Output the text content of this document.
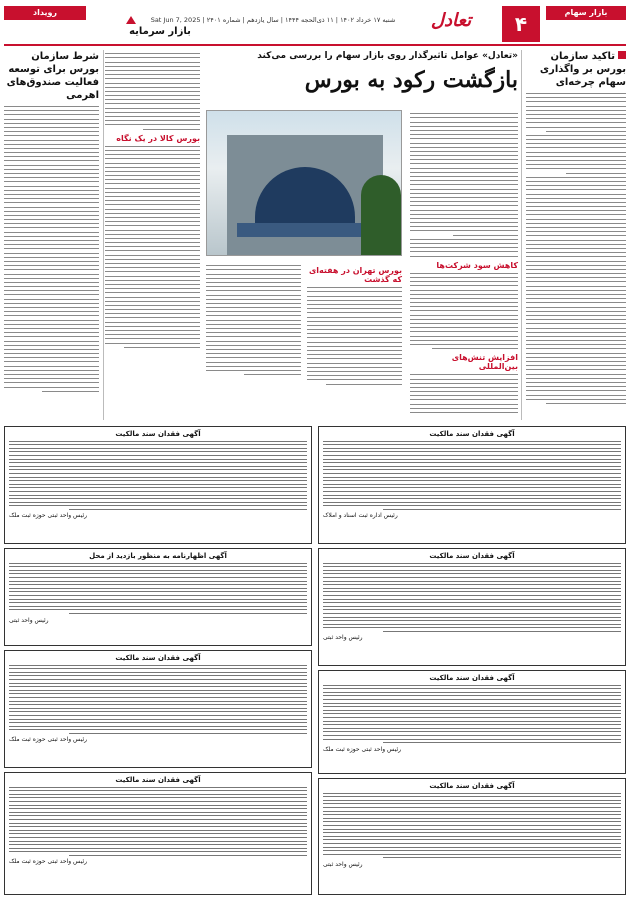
بازار سهام
۴
تعادل
شنبه ۱۷ خرداد ۱۴۰۲ | ۱۱ ذی‌الحجه ۱۴۴۴ | سال یازدهم | شماره ۲۴۰۱ | Sat Jun 7, 2025
رویداد
بازار سرمایه
تاکید سازمان بورس بر واگذاری سهام چرخه‌ای
«تعادل» عوامل تاثیرگذار روی بازار سهام را بررسی می‌کند
بازگشت رکود به بورس
کاهش سود شرکت‌ها
افزایش تنش‌های بین‌المللی
بورس تهران در هفته‌ای که گذشت
بورس کالا در یک نگاه
شرط سازمان بورس برای توسعه فعالیت صندوق‌های اهرمی
آگهی فقدان سند مالکیت
رئیس اداره ثبت اسناد و املاک
آگهی فقدان سند مالکیت
رئیس واحد ثبتی
آگهی فقدان سند مالکیت
رئیس واحد ثبتی حوزه ثبت ملک
آگهی فقدان سند مالکیت
رئیس واحد ثبتی
آگهی فقدان سند مالکیت
رئیس واحد ثبتی حوزه ثبت ملک
آگهی اظهارنامه به منظور بازدید از محل
رئیس واحد ثبتی
آگهی فقدان سند مالکیت
رئیس واحد ثبتی حوزه ثبت ملک
آگهی فقدان سند مالکیت
رئیس واحد ثبتی حوزه ثبت ملک
